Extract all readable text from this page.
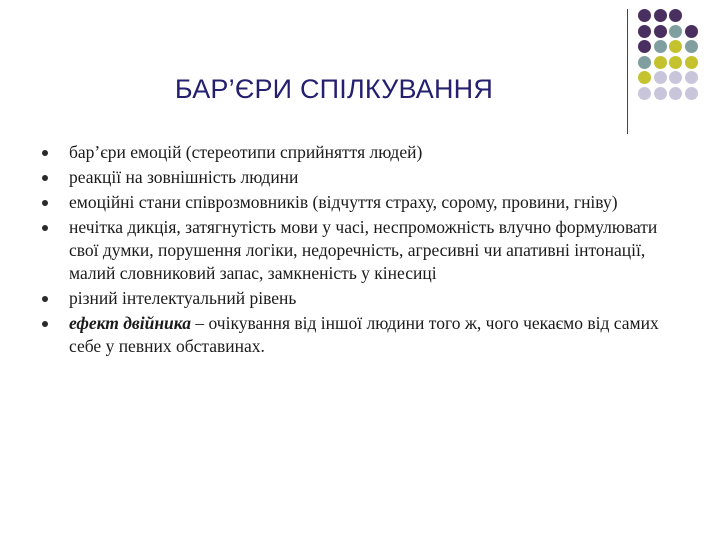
БАР’ЄРИ СПІЛКУВАННЯ
бар’єри емоцій (стереотипи сприйняття людей)
реакції на зовнішність людини
емоційні стани співрозмовників (відчуття страху, сорому, провини, гніву)
нечітка дикція, затягнутість мови у часі, неспроможність влучно формулювати свої думки, порушення логіки, недоречність, агресивні чи апативні інтонації, малий словниковий запас, замкненість у кінесиці
різний інтелектуальний рівень
ефект двійника – очікування від іншої людини того ж, чого чекаємо від самих себе у певних обставинах.
